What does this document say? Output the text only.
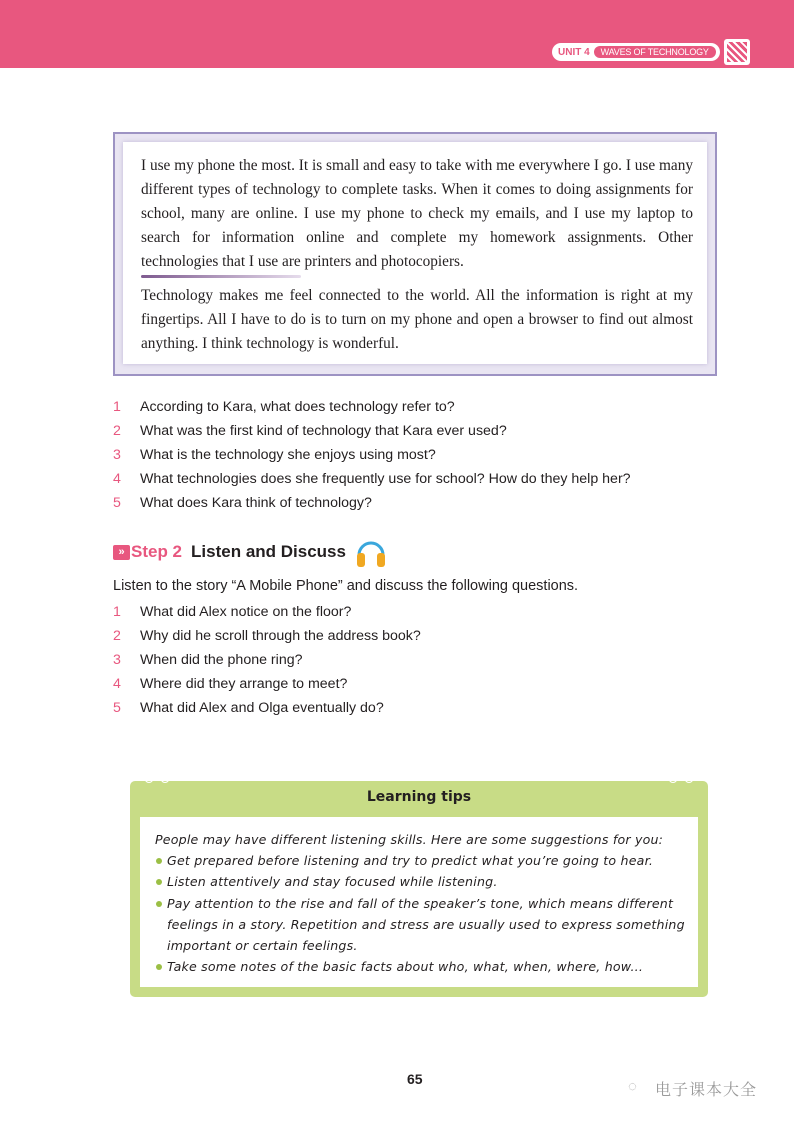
UNIT 4	WAVES OF TECHNOLOGY
I use my phone the most. It is small and easy to take with me everywhere I go. I use many different types of technology to complete tasks. When it comes to doing assignments for school, many are online. I use my phone to check my emails, and I use my laptop to search for information online and complete my homework assignments. Other technologies that I use are printers and photocopiers.
Technology makes me feel connected to the world. All the information is right at my fingertips. All I have to do is to turn on my phone and open a browser to find out almost anything. I think technology is wonderful.
1	According to Kara, what does technology refer to?
2	What was the first kind of technology that Kara ever used?
3	What is the technology she enjoys using most?
4	What technologies does she frequently use for school? How do they help her?
5	What does Kara think of technology?
» Step 2 Listen and Discuss
Listen to the story “A Mobile Phone” and discuss the following questions.
1	What did Alex notice on the floor?
2	Why did he scroll through the address book?
3	When did the phone ring?
4	Where did they arrange to meet?
5	What did Alex and Olga eventually do?
Learning tips
People may have different listening skills. Here are some suggestions for you:
Get prepared before listening and try to predict what you’re going to hear.
Listen attentively and stay focused while listening.
Pay attention to the rise and fall of the speaker’s tone, which means different feelings in a story. Repetition and stress are usually used to express something important or certain feelings.
Take some notes of the basic facts about who, what, when, where, how...
65	◌ 电子课本大全
